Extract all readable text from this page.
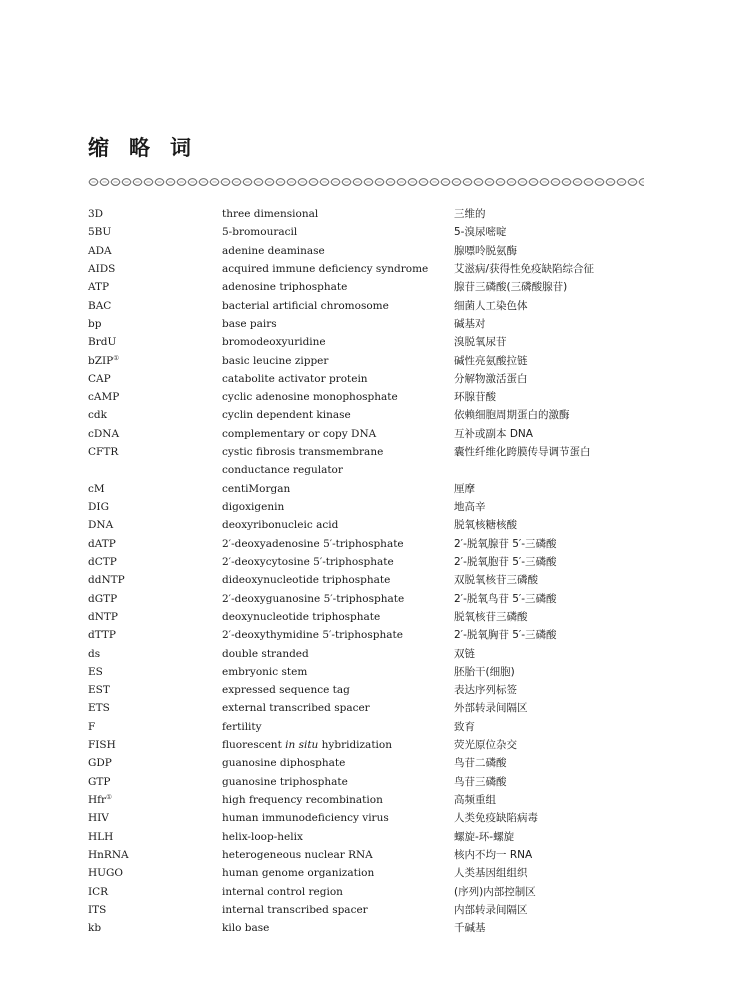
缩略词
3D	three dimensional	三维的
5BU	5-bromouracil	5-溴尿嘧啶
ADA	adenine deaminase	腺嘌呤脱氨酶
AIDS	acquired immune deficiency syndrome	艾滋病/获得性免疫缺陷综合征
ATP	adenosine triphosphate	腺苷三磷酸(三磷酸腺苷)
BAC	bacterial artificial chromosome	细菌人工染色体
bp	base pairs	碱基对
BrdU	bromodeoxyuridine	溴脱氧尿苷
bZIP①	basic leucine zipper	碱性亮氨酸拉链
CAP	catabolite activator protein	分解物激活蛋白
cAMP	cyclic adenosine monophosphate	环腺苷酸
cdk	cyclin dependent kinase	依赖细胞周期蛋白的激酶
cDNA	complementary or copy DNA	互补或副本 DNA
CFTR	cystic fibrosis transmembrane	囊性纤维化跨膜传导调节蛋白
conductance regulator
cM	centiMorgan	厘摩
DIG	digoxigenin	地高辛
DNA	deoxyribonucleic acid	脱氧核糖核酸
dATP	2′-deoxyadenosine 5′-triphosphate	2′-脱氧腺苷 5′-三磷酸
dCTP	2′-deoxycytosine 5′-triphosphate	2′-脱氧胞苷 5′-三磷酸
ddNTP	dideoxynucleotide triphosphate	双脱氧核苷三磷酸
dGTP	2′-deoxyguanosine 5′-triphosphate	2′-脱氧鸟苷 5′-三磷酸
dNTP	deoxynucleotide triphosphate	脱氧核苷三磷酸
dTTP	2′-deoxythymidine 5′-triphosphate	2′-脱氧胸苷 5′-三磷酸
ds	double stranded	双链
ES	embryonic stem	胚胎干(细胞)
EST	expressed sequence tag	表达序列标签
ETS	external transcribed spacer	外部转录间隔区
F	fertility	致育
FISH	fluorescent in situ hybridization	荧光原位杂交
GDP	guanosine diphosphate	鸟苷二磷酸
GTP	guanosine triphosphate	鸟苷三磷酸
Hfr①	high frequency recombination	高频重组
HIV	human immunodeficiency virus	人类免疫缺陷病毒
HLH	helix-loop-helix	螺旋-环-螺旋
HnRNA	heterogeneous nuclear RNA	核内不均一 RNA
HUGO	human genome organization	人类基因组组织
ICR	internal control region	(序列)内部控制区
ITS	internal transcribed spacer	内部转录间隔区
kb	kilo base	千碱基
